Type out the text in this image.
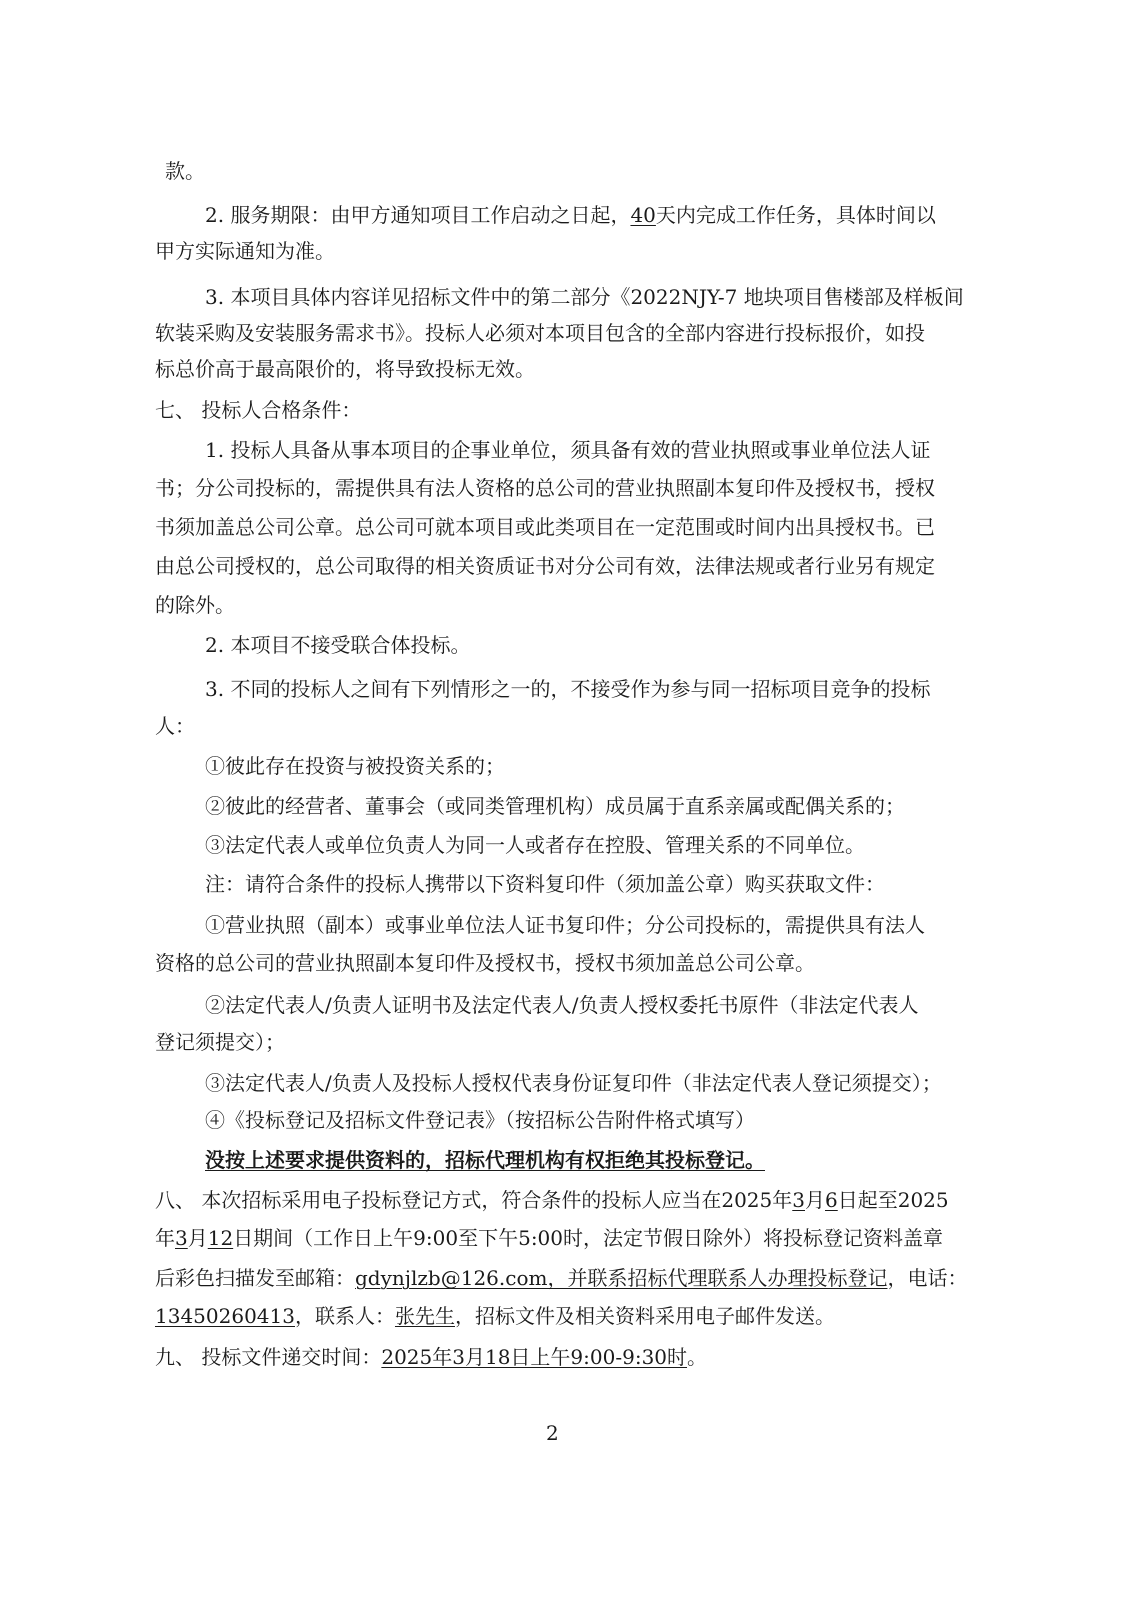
款。
2. 服务期限：由甲方通知项目工作启动之日起，40天内完成工作任务，具体时间以
甲方实际通知为准。
3. 本项目具体内容详见招标文件中的第二部分《2022NJY-7 地块项目售楼部及样板间
软装采购及安装服务需求书》。投标人必须对本项目包含的全部内容进行投标报价，如投
标总价高于最高限价的，将导致投标无效。
七、 投标人合格条件：
1. 投标人具备从事本项目的企事业单位，须具备有效的营业执照或事业单位法人证
书；分公司投标的，需提供具有法人资格的总公司的营业执照副本复印件及授权书，授权
书须加盖总公司公章。总公司可就本项目或此类项目在一定范围或时间内出具授权书。已
由总公司授权的，总公司取得的相关资质证书对分公司有效，法律法规或者行业另有规定
的除外。
2. 本项目不接受联合体投标。
3. 不同的投标人之间有下列情形之一的，不接受作为参与同一招标项目竞争的投标
人：
①彼此存在投资与被投资关系的；
②彼此的经营者、董事会（或同类管理机构）成员属于直系亲属或配偶关系的；
③法定代表人或单位负责人为同一人或者存在控股、管理关系的不同单位。
注：请符合条件的投标人携带以下资料复印件（须加盖公章）购买获取文件：
①营业执照（副本）或事业单位法人证书复印件；分公司投标的，需提供具有法人
资格的总公司的营业执照副本复印件及授权书，授权书须加盖总公司公章。
②法定代表人/负责人证明书及法定代表人/负责人授权委托书原件（非法定代表人
登记须提交）；
③法定代表人/负责人及投标人授权代表身份证复印件（非法定代表人登记须提交）；
④《投标登记及招标文件登记表》（按招标公告附件格式填写）
没按上述要求提供资料的，招标代理机构有权拒绝其投标登记。
八、 本次招标采用电子投标登记方式，符合条件的投标人应当在2025年3月6日起至2025
年3月12日期间（工作日上午9:00至下午5:00时，法定节假日除外）将投标登记资料盖章
后彩色扫描发至邮箱：gdynjlzb@126.com，并联系招标代理联系人办理投标登记，电话：
13450260413，联系人：张先生，招标文件及相关资料采用电子邮件发送。
九、 投标文件递交时间：2025年3月18日上午9:00-9:30时。
2
